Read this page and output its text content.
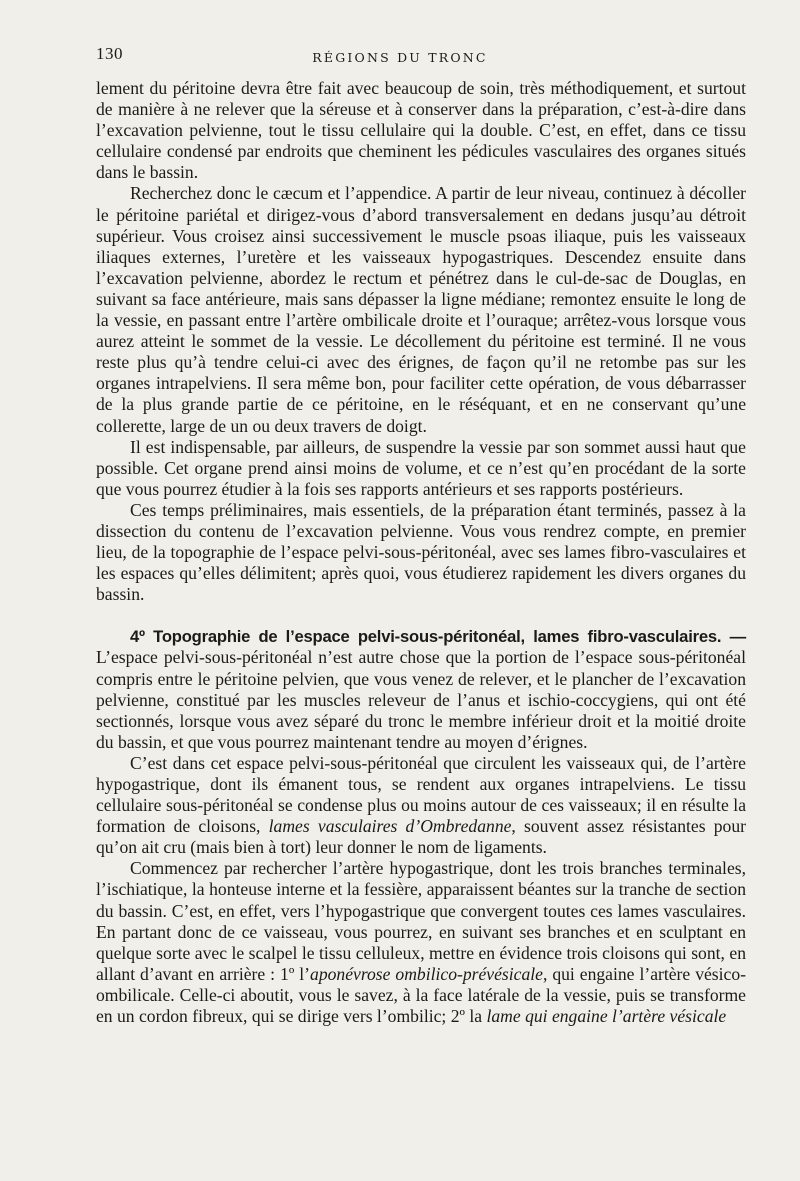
130	RÉGIONS DU TRONC

lement du péritoine devra être fait avec beaucoup de soin, très méthodiquement, et surtout de manière à ne relever que la séreuse et à conserver dans la préparation, c’est-à-dire dans l’excavation pelvienne, tout le tissu cellulaire qui la double. C’est, en effet, dans ce tissu cellulaire condensé par endroits que cheminent les pédicules vasculaires des organes situés dans le bassin.

Recherchez donc le cæcum et l’appendice. A partir de leur niveau, continuez à décoller le péritoine pariétal et dirigez-vous d’abord transversalement en dedans jusqu’au détroit supérieur. Vous croisez ainsi successivement le muscle psoas iliaque, puis les vaisseaux iliaques externes, l’uretère et les vaisseaux hypogastriques. Descendez ensuite dans l’excavation pelvienne, abordez le rectum et pénétrez dans le cul-de-sac de Douglas, en suivant sa face antérieure, mais sans dépasser la ligne médiane; remontez ensuite le long de la vessie, en passant entre l’artère ombilicale droite et l’ouraque; arrêtez-vous lorsque vous aurez atteint le sommet de la vessie. Le décollement du péritoine est terminé. Il ne vous reste plus qu’à tendre celui-ci avec des érignes, de façon qu’il ne retombe pas sur les organes intrapelviens. Il sera même bon, pour faciliter cette opération, de vous débarrasser de la plus grande partie de ce péritoine, en le réséquant, et en ne conservant qu’une collerette, large de un ou deux travers de doigt.

Il est indispensable, par ailleurs, de suspendre la vessie par son sommet aussi haut que possible. Cet organe prend ainsi moins de volume, et ce n’est qu’en procédant de la sorte que vous pourrez étudier à la fois ses rapports antérieurs et ses rapports postérieurs.

Ces temps préliminaires, mais essentiels, de la préparation étant terminés, passez à la dissection du contenu de l’excavation pelvienne. Vous vous rendrez compte, en premier lieu, de la topographie de l’espace pelvi-sous-péritonéal, avec ses lames fibro-vasculaires et les espaces qu’elles délimitent; après quoi, vous étudierez rapidement les divers organes du bassin.

4º Topographie de l’espace pelvi-sous-péritonéal, lames fibro-vasculaires. — L’espace pelvi-sous-péritonéal n’est autre chose que la portion de l’espace sous-péritonéal compris entre le péritoine pelvien, que vous venez de relever, et le plancher de l’excavation pelvienne, constitué par les muscles releveur de l’anus et ischio-coccygiens, qui ont été sectionnés, lorsque vous avez séparé du tronc le membre inférieur droit et la moitié droite du bassin, et que vous pourrez maintenant tendre au moyen d’érignes.

C’est dans cet espace pelvi-sous-péritonéal que circulent les vaisseaux qui, de l’artère hypogastrique, dont ils émanent tous, se rendent aux organes intrapelviens. Le tissu cellulaire sous-péritonéal se condense plus ou moins autour de ces vaisseaux; il en résulte la formation de cloisons, lames vasculaires d’Ombredanne, souvent assez résistantes pour qu’on ait cru (mais bien à tort) leur donner le nom de ligaments.

Commencez par rechercher l’artère hypogastrique, dont les trois branches terminales, l’ischiatique, la honteuse interne et la fessière, apparaissent béantes sur la tranche de section du bassin. C’est, en effet, vers l’hypogastrique que convergent toutes ces lames vasculaires. En partant donc de ce vaisseau, vous pourrez, en suivant ses branches et en sculptant en quelque sorte avec le scalpel le tissu celluleux, mettre en évidence trois cloisons qui sont, en allant d’avant en arrière : 1º l’aponévrose ombilico-prévésicale, qui engaine l’artère vésico-ombilicale. Celle-ci aboutit, vous le savez, à la face latérale de la vessie, puis se transforme en un cordon fibreux, qui se dirige vers l’ombilic; 2º la lame qui engaine l’artère vésicale
